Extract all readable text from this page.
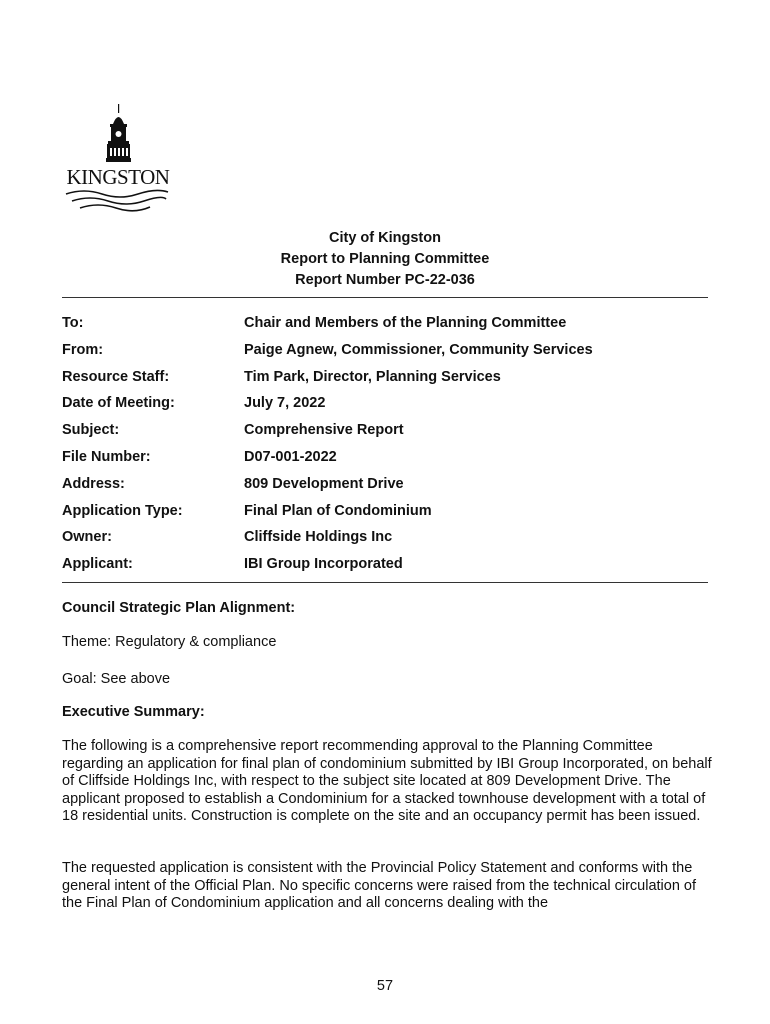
KINGSTON
City of Kingston
Report to Planning Committee
Report Number PC-22-036
To:	Chair and Members of the Planning Committee
From:	Paige Agnew, Commissioner, Community Services
Resource Staff:	Tim Park, Director, Planning Services
Date of Meeting:	July 7, 2022
Subject:	Comprehensive Report
File Number:	D07-001-2022
Address:	809 Development Drive
Application Type:	Final Plan of Condominium
Owner:	Cliffside Holdings Inc
Applicant:	IBI Group Incorporated
Council Strategic Plan Alignment:
Theme: Regulatory & compliance
Goal: See above
Executive Summary:
The following is a comprehensive report recommending approval to the Planning Committee regarding an application for final plan of condominium submitted by IBI Group Incorporated, on behalf of Cliffside Holdings Inc, with respect to the subject site located at 809 Development Drive. The applicant proposed to establish a Condominium for a stacked townhouse development with a total of 18 residential units. Construction is complete on the site and an occupancy permit has been issued.
The requested application is consistent with the Provincial Policy Statement and conforms with the general intent of the Official Plan. No specific concerns were raised from the technical circulation of the Final Plan of Condominium application and all concerns dealing with the
57
